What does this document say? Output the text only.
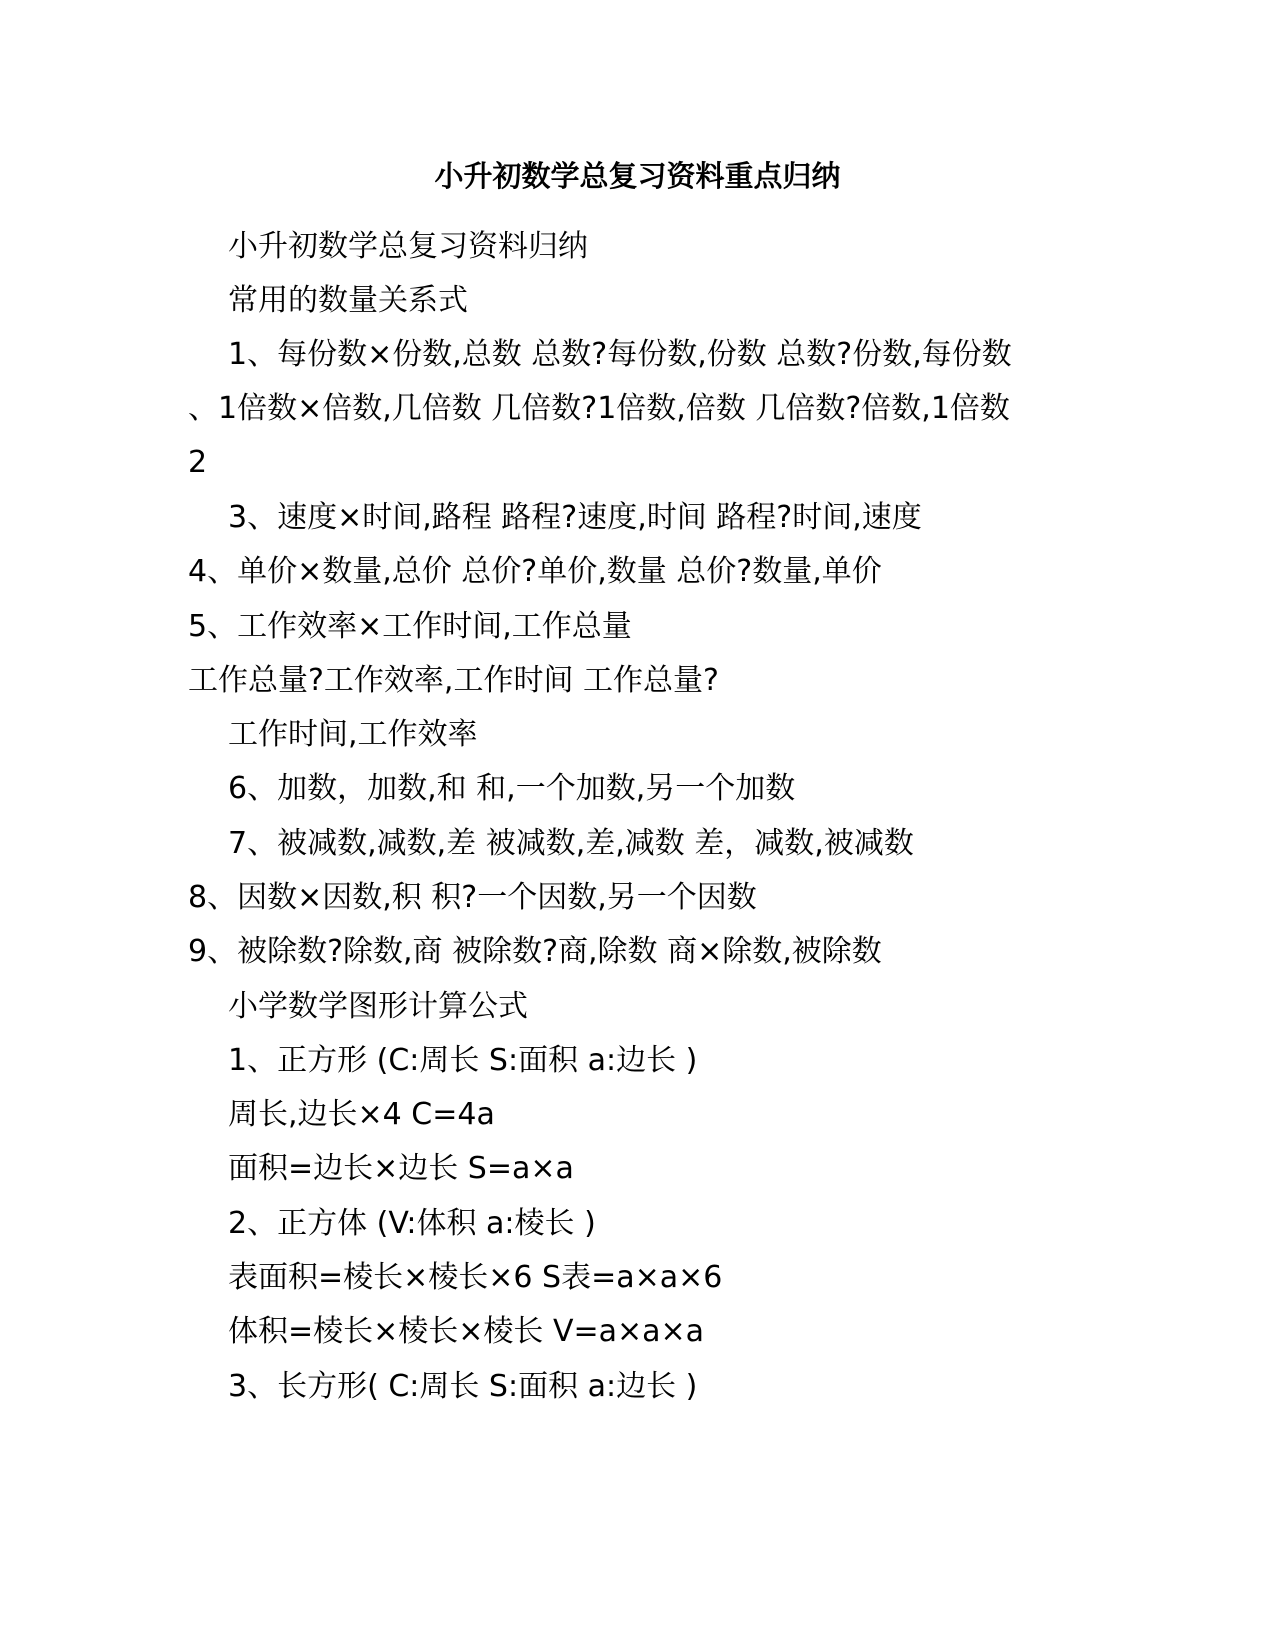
小升初数学总复习资料重点归纳
小升初数学总复习资料归纳
常用的数量关系式
1、每份数×份数,总数 总数?每份数,份数 总数?份数,每份数
、1倍数×倍数,几倍数 几倍数?1倍数,倍数 几倍数?倍数,1倍数
2
3、速度×时间,路程 路程?速度,时间 路程?时间,速度
4、单价×数量,总价 总价?单价,数量 总价?数量,单价
5、工作效率×工作时间,工作总量
工作总量?工作效率,工作时间 工作总量?
工作时间,工作效率
6、加数，加数,和 和,一个加数,另一个加数
7、被减数,减数,差 被减数,差,减数 差，减数,被减数
8、因数×因数,积 积?一个因数,另一个因数
9、被除数?除数,商 被除数?商,除数 商×除数,被除数
小学数学图形计算公式
1、正方形 (C:周长 S:面积 a:边长 )
周长,边长×4 C=4a
面积=边长×边长 S=a×a
2、正方体 (V:体积 a:棱长 )
表面积=棱长×棱长×6 S表=a×a×6
体积=棱长×棱长×棱长 V=a×a×a
3、长方形( C:周长 S:面积 a:边长 )
